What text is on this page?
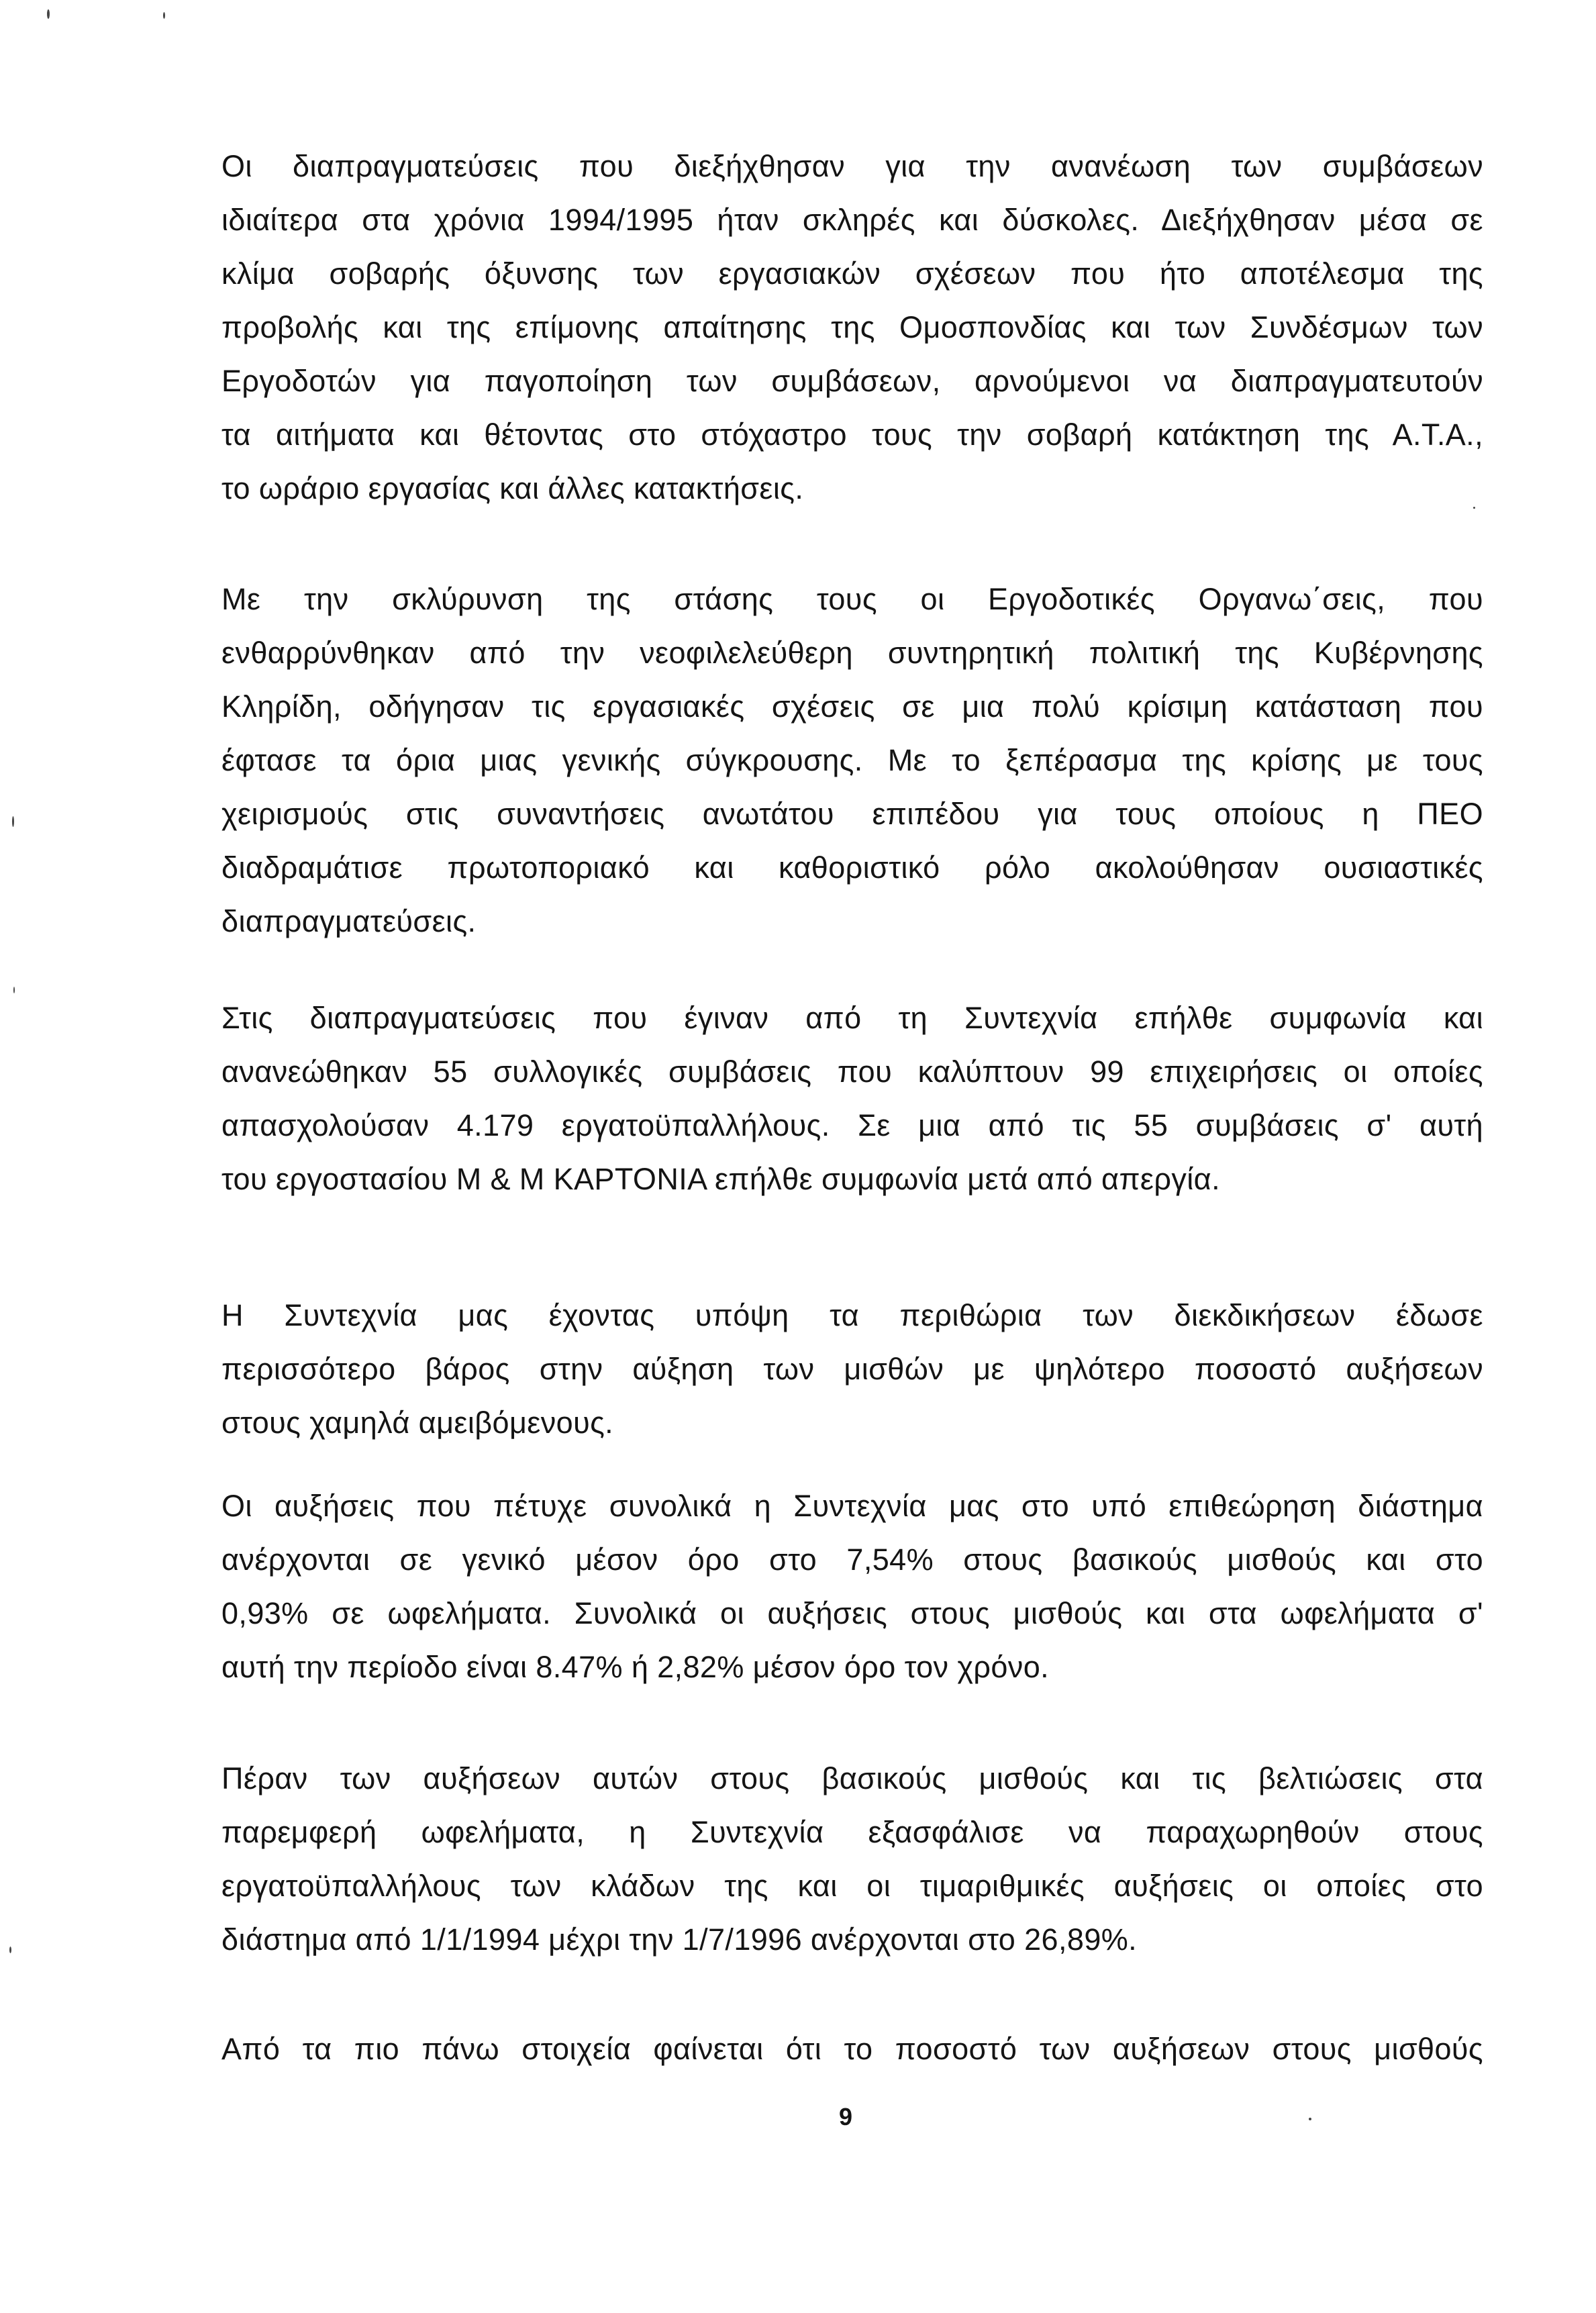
Οι διαπραγματεύσεις που διεξήχθησαν για την ανανέωση των συμβάσεων
ιδιαίτερα στα χρόνια 1994/1995 ήταν σκληρές και δύσκολες. Διεξήχθησαν μέσα σε
κλίμα σοβαρής όξυνσης των εργασιακών σχέσεων που ήτο αποτέλεσμα της
προβολής και της επίμονης απαίτησης της Ομοσπονδίας και των Συνδέσμων των
Εργοδοτών για παγοποίηση των συμβάσεων, αρνούμενοι να διαπραγματευτούν
τα αιτήματα και θέτοντας στο στόχαστρο τους την σοβαρή κατάκτηση της Α.Τ.Α.,
το ωράριο εργασίας και άλλες κατακτήσεις.
Με την σκλύρυνση της στάσης τους οι Εργοδοτικές Οργανω΄σεις, που
ενθαρρύνθηκαν από την νεοφιλελεύθερη συντηρητική πολιτική της Κυβέρνησης
Κληρίδη, οδήγησαν τις εργασιακές σχέσεις σε μια πολύ κρίσιμη κατάσταση που
έφτασε τα όρια μιας γενικής σύγκρουσης. Με το ξεπέρασμα της κρίσης με τους
χειρισμούς στις συναντήσεις ανωτάτου επιπέδου για τους οποίους η ΠΕΟ
διαδραμάτισε πρωτοποριακό και καθοριστικό ρόλο ακολούθησαν ουσιαστικές
διαπραγματεύσεις.
Στις διαπραγματεύσεις που έγιναν από τη Συντεχνία επήλθε συμφωνία και
ανανεώθηκαν 55 συλλογικές συμβάσεις που καλύπτουν 99 επιχειρήσεις οι οποίες
απασχολούσαν 4.179 εργατοϋπαλλήλους. Σε μια από τις 55 συμβάσεις σ' αυτή
του εργοστασίου Μ & Μ ΚΑΡΤΟΝΙΑ επήλθε συμφωνία μετά από απεργία.
Η Συντεχνία μας έχοντας υπόψη τα περιθώρια των διεκδικήσεων έδωσε
περισσότερο βάρος στην αύξηση των μισθών με ψηλότερο ποσοστό αυξήσεων
στους χαμηλά αμειβόμενους.
Οι αυξήσεις που πέτυχε συνολικά η Συντεχνία μας στο υπό επιθεώρηση διάστημα
ανέρχονται σε γενικό μέσον όρο στο 7,54% στους βασικούς μισθούς και στο
0,93% σε ωφελήματα. Συνολικά οι αυξήσεις στους μισθούς και στα ωφελήματα σ'
αυτή την περίοδο είναι 8.47% ή 2,82% μέσον όρο τον χρόνο.
Πέραν των αυξήσεων αυτών στους βασικούς μισθούς και τις βελτιώσεις στα
παρεμφερή ωφελήματα, η Συντεχνία εξασφάλισε να παραχωρηθούν στους
εργατοϋπαλλήλους των κλάδων της και οι τιμαριθμικές αυξήσεις οι οποίες στο
διάστημα από 1/1/1994 μέχρι την 1/7/1996 ανέρχονται στο 26,89%.
Από τα πιο πάνω στοιχεία φαίνεται ότι το ποσοστό των αυξήσεων στους μισθούς
9
